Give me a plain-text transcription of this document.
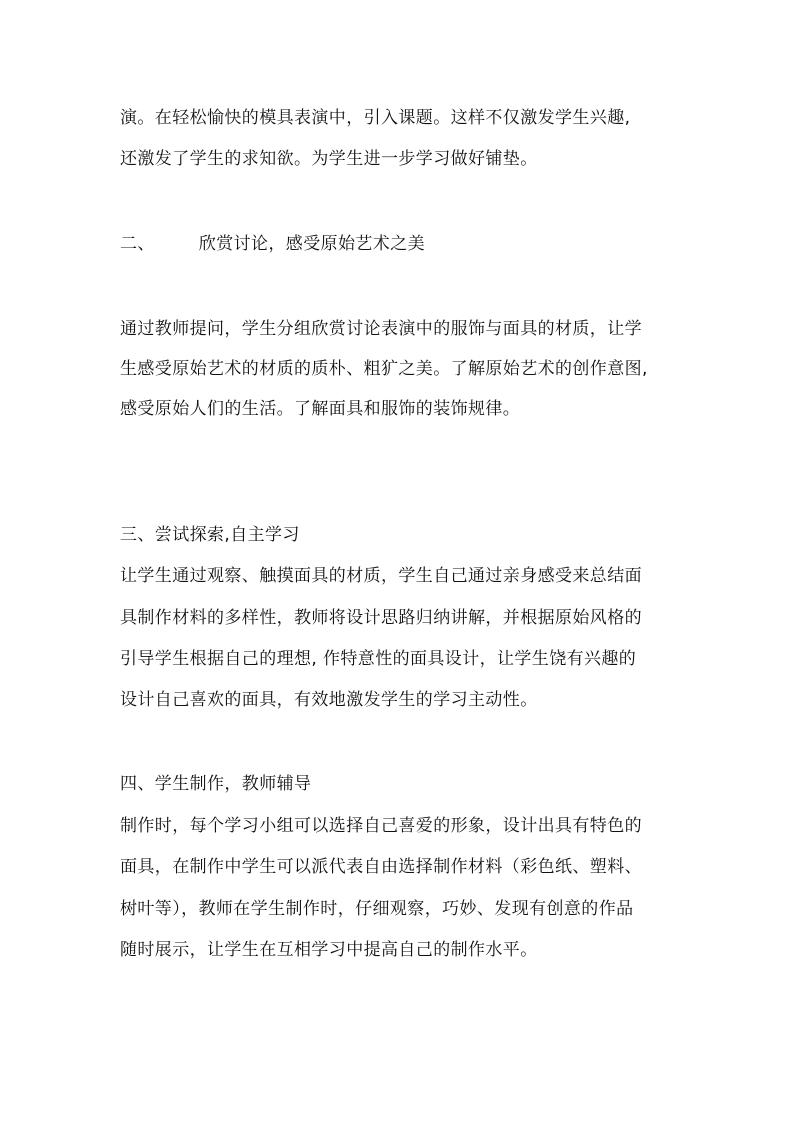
演。在轻松愉快的模具表演中，引入课题。这样不仅激发学生兴趣,
还激发了学生的求知欲。为学生进一步学习做好铺垫。
二、	欣赏讨论，感受原始艺术之美
通过教师提问，学生分组欣赏讨论表演中的服饰与面具的材质，让学
生感受原始艺术的材质的质朴、粗犷之美。了解原始艺术的创作意图,
感受原始人们的生活。了解面具和服饰的装饰规律。
三、尝试探索,自主学习
让学生通过观察、触摸面具的材质，学生自己通过亲身感受来总结面
具制作材料的多样性，教师将设计思路归纳讲解，并根据原始风格的
引导学生根据自己的理想, 作特意性的面具设计，让学生饶有兴趣的
设计自己喜欢的面具，有效地激发学生的学习主动性。
四、学生制作，教师辅导
制作时，每个学习小组可以选择自己喜爱的形象，设计出具有特色的
面具，在制作中学生可以派代表自由选择制作材料（彩色纸、塑料、
树叶等），教师在学生制作时，仔细观察，巧妙、发现有创意的作品
随时展示，让学生在互相学习中提高自己的制作水平。
